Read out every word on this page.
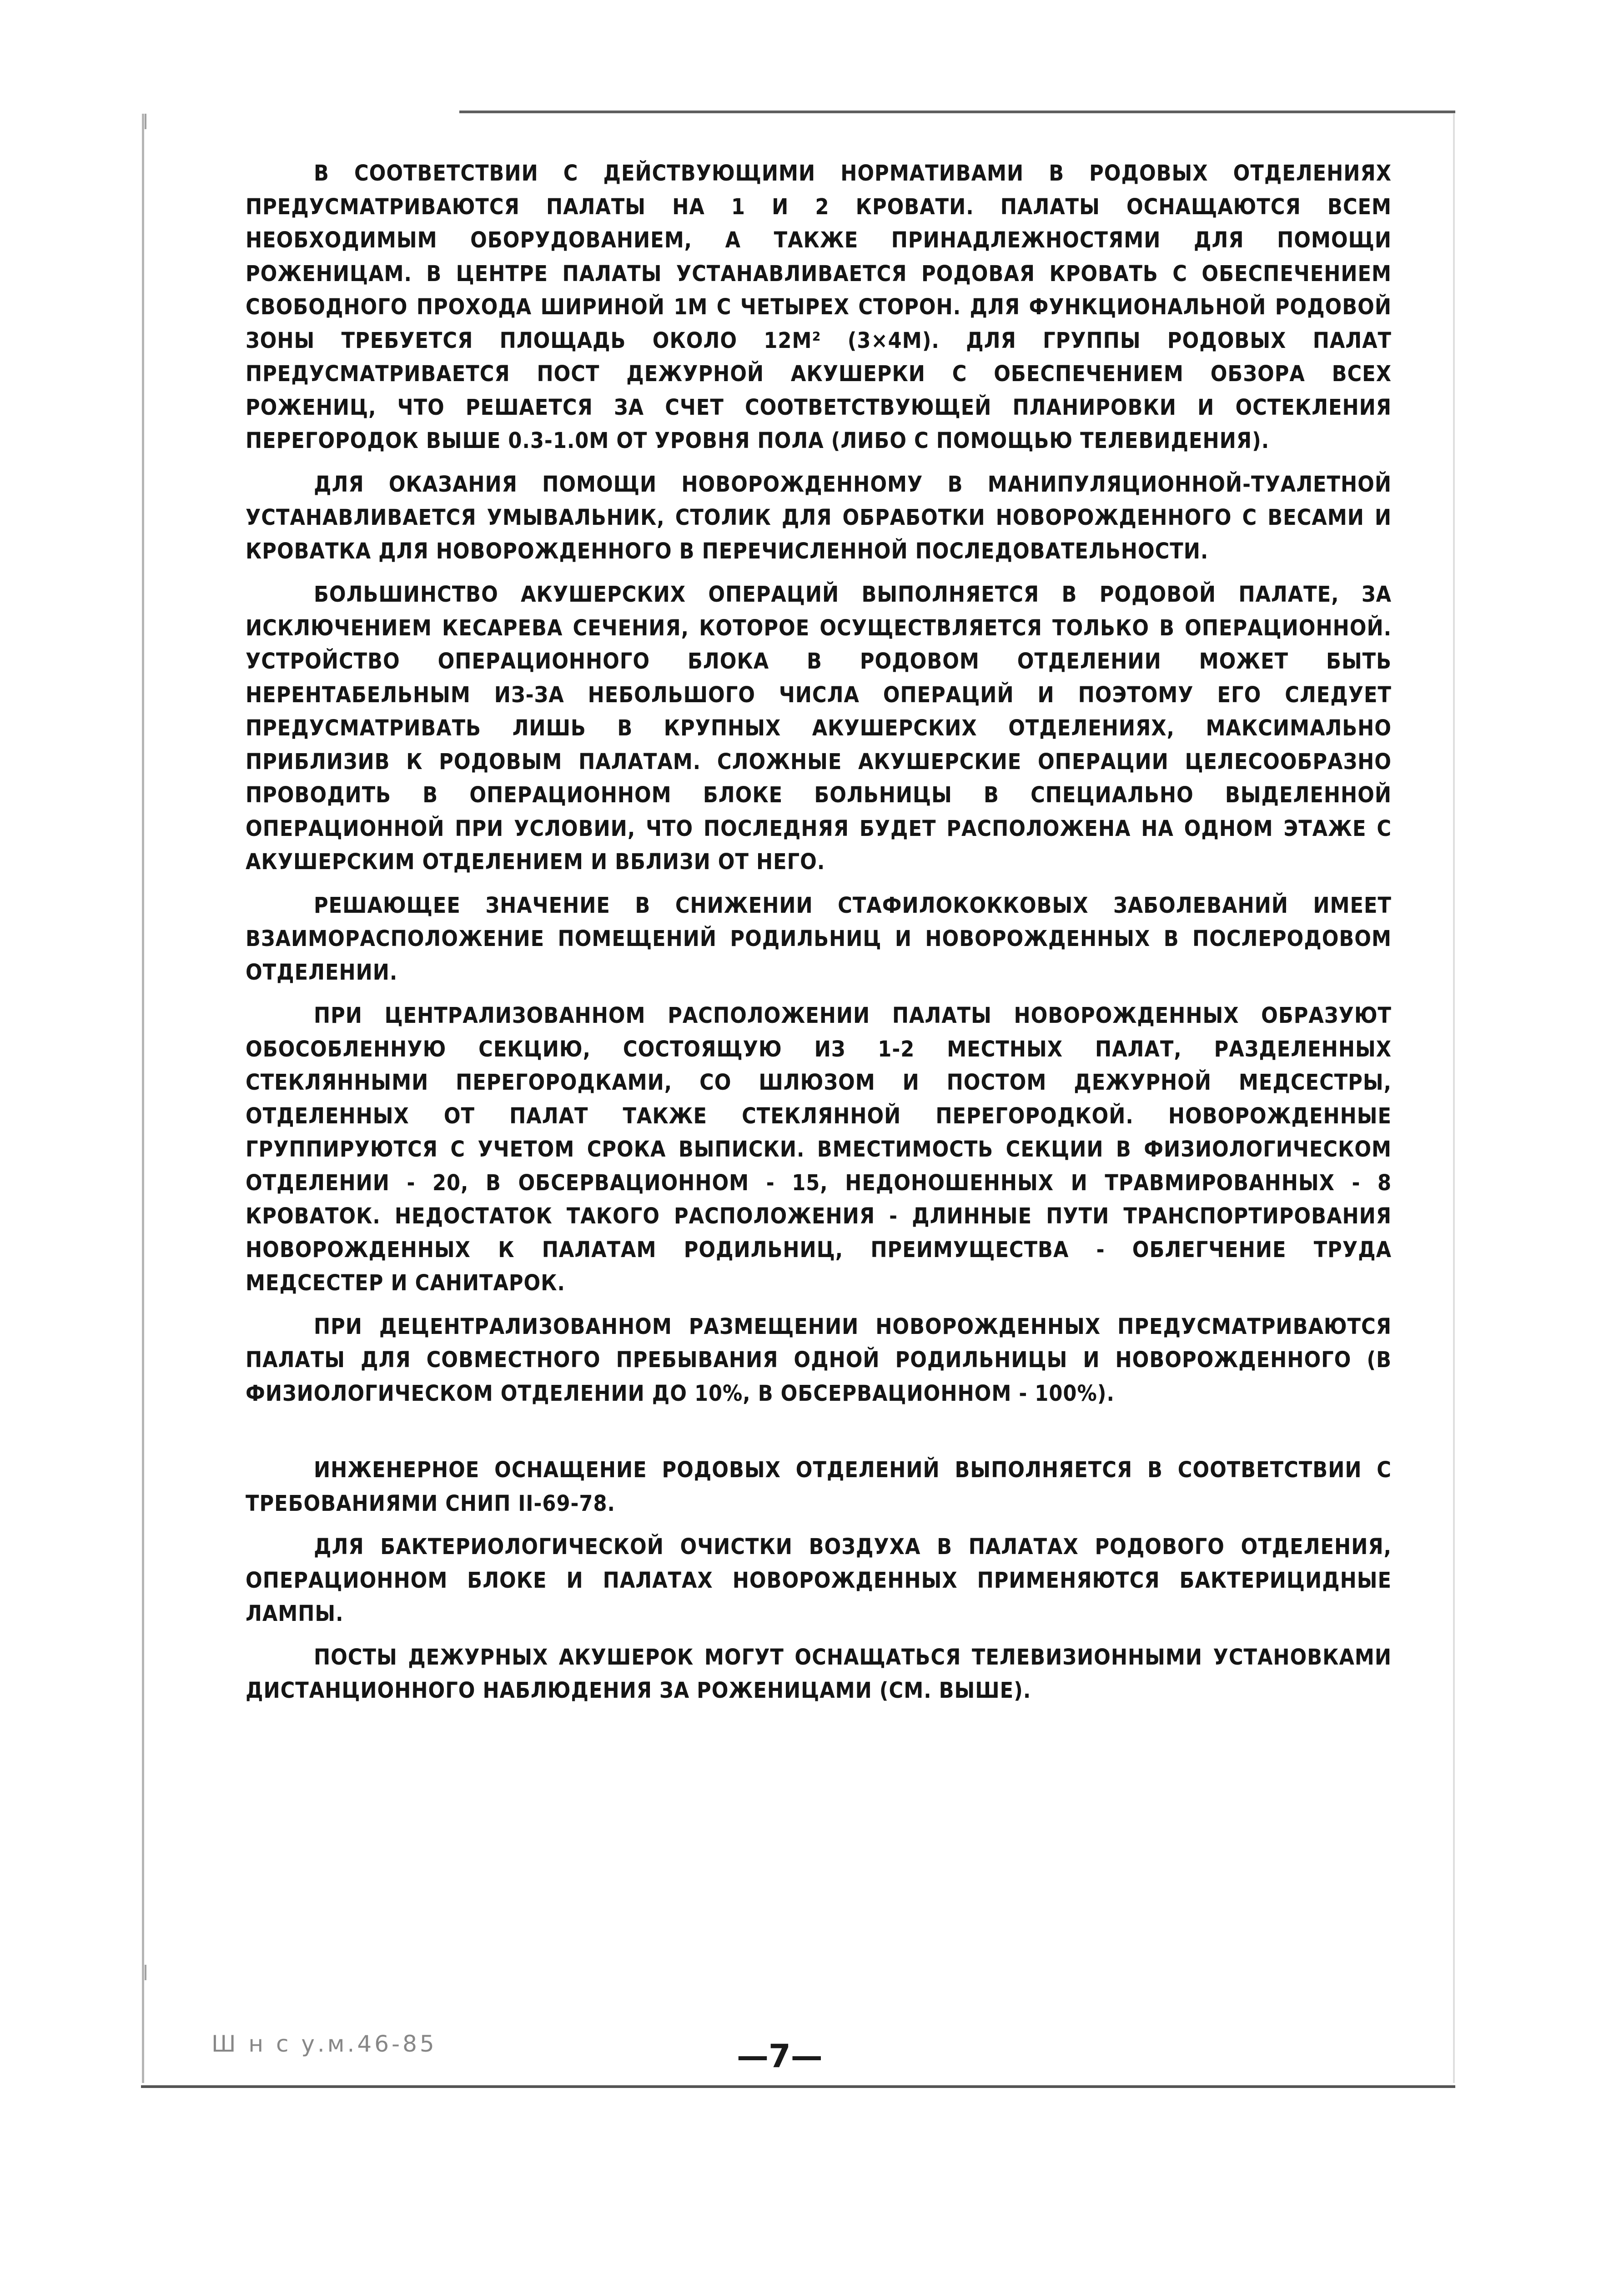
В СООТВЕТСТВИИ С ДЕЙСТВУЮЩИМИ НОРМАТИВАМИ В РОДОВЫХ ОТДЕЛЕНИЯХ ПРЕДУСМАТРИВАЮТСЯ ПАЛАТЫ НА 1 И 2 КРОВАТИ. ПАЛАТЫ ОСНАЩАЮТСЯ ВСЕМ НЕОБХОДИМЫМ ОБОРУДОВАНИЕМ, А ТАКЖЕ ПРИНАДЛЕЖНОСТЯМИ ДЛЯ ПОМОЩИ РОЖЕНИЦАМ. В ЦЕНТРЕ ПАЛАТЫ УСТАНАВЛИВАЕТСЯ РОДОВАЯ КРОВАТЬ С ОБЕСПЕЧЕНИЕМ СВОБОДНОГО ПРОХОДА ШИРИНОЙ 1М С ЧЕТЫРЕХ СТОРОН. ДЛЯ ФУНКЦИОНАЛЬНОЙ РОДОВОЙ ЗОНЫ ТРЕБУЕТСЯ ПЛОЩАДЬ ОКОЛО 12М² (3×4М). ДЛЯ ГРУППЫ РОДОВЫХ ПАЛАТ ПРЕДУСМАТРИВАЕТСЯ ПОСТ ДЕЖУРНОЙ АКУШЕРКИ С ОБЕСПЕЧЕНИЕМ ОБЗОРА ВСЕХ РОЖЕНИЦ, ЧТО РЕШАЕТСЯ ЗА СЧЕТ СООТВЕТСТВУЮЩЕЙ ПЛАНИРОВКИ И ОСТЕКЛЕНИЯ ПЕРЕГОРОДОК ВЫШЕ 0.3-1.0М ОТ УРОВНЯ ПОЛА (ЛИБО С ПОМОЩЬЮ ТЕЛЕВИДЕНИЯ).

ДЛЯ ОКАЗАНИЯ ПОМОЩИ НОВОРОЖДЕННОМУ В МАНИПУЛЯЦИОННОЙ-ТУАЛЕТНОЙ УСТАНАВЛИВАЕТСЯ УМЫВАЛЬНИК, СТОЛИК ДЛЯ ОБРАБОТКИ НОВОРОЖДЕННОГО С ВЕСАМИ И КРОВАТКА ДЛЯ НОВОРОЖДЕННОГО В ПЕРЕЧИСЛЕННОЙ ПОСЛЕДОВАТЕЛЬНОСТИ.

БОЛЬШИНСТВО АКУШЕРСКИХ ОПЕРАЦИЙ ВЫПОЛНЯЕТСЯ В РОДОВОЙ ПАЛАТЕ, ЗА ИСКЛЮЧЕНИЕМ КЕСАРЕВА СЕЧЕНИЯ, КОТОРОЕ ОСУЩЕСТВЛЯЕТСЯ ТОЛЬКО В ОПЕРАЦИОННОЙ. УСТРОЙСТВО ОПЕРАЦИОННОГО БЛОКА В РОДОВОМ ОТДЕЛЕНИИ МОЖЕТ БЫТЬ НЕРЕНТАБЕЛЬНЫМ ИЗ-ЗА НЕБОЛЬШОГО ЧИСЛА ОПЕРАЦИЙ И ПОЭТОМУ ЕГО СЛЕДУЕТ ПРЕДУСМАТРИВАТЬ ЛИШЬ В КРУПНЫХ АКУШЕРСКИХ ОТДЕЛЕНИЯХ, МАКСИМАЛЬНО ПРИБЛИЗИВ К РОДОВЫМ ПАЛАТАМ. СЛОЖНЫЕ АКУШЕРСКИЕ ОПЕРАЦИИ ЦЕЛЕСООБРАЗНО ПРОВОДИТЬ В ОПЕРАЦИОННОМ БЛОКЕ БОЛЬНИЦЫ В СПЕЦИАЛЬНО ВЫДЕЛЕННОЙ ОПЕРАЦИОННОЙ ПРИ УСЛОВИИ, ЧТО ПОСЛЕДНЯЯ БУДЕТ РАСПОЛОЖЕНА НА ОДНОМ ЭТАЖЕ С АКУШЕРСКИМ ОТДЕЛЕНИЕМ И ВБЛИЗИ ОТ НЕГО.

РЕШАЮЩЕЕ ЗНАЧЕНИЕ В СНИЖЕНИИ СТАФИЛОКОККОВЫХ ЗАБОЛЕВАНИЙ ИМЕЕТ ВЗАИМОРАСПОЛОЖЕНИЕ ПОМЕЩЕНИЙ РОДИЛЬНИЦ И НОВОРОЖДЕННЫХ В ПОСЛЕРОДОВОМ ОТДЕЛЕНИИ.

ПРИ ЦЕНТРАЛИЗОВАННОМ РАСПОЛОЖЕНИИ ПАЛАТЫ НОВОРОЖДЕННЫХ ОБРАЗУЮТ ОБОСОБЛЕННУЮ СЕКЦИЮ, СОСТОЯЩУЮ ИЗ 1-2 МЕСТНЫХ ПАЛАТ, РАЗДЕЛЕННЫХ СТЕКЛЯННЫМИ ПЕРЕГОРОДКАМИ, СО ШЛЮЗОМ И ПОСТОМ ДЕЖУРНОЙ МЕДСЕСТРЫ, ОТДЕЛЕННЫХ ОТ ПАЛАТ ТАКЖЕ СТЕКЛЯННОЙ ПЕРЕГОРОДКОЙ. НОВОРОЖДЕННЫЕ ГРУППИРУЮТСЯ С УЧЕТОМ СРОКА ВЫПИСКИ. ВМЕСТИМОСТЬ СЕКЦИИ В ФИЗИОЛОГИЧЕСКОМ ОТДЕЛЕНИИ - 20, В ОБСЕРВАЦИОННОМ - 15, НЕДОНОШЕННЫХ И ТРАВМИРОВАННЫХ - 8 КРОВАТОК. НЕДОСТАТОК ТАКОГО РАСПОЛОЖЕНИЯ - ДЛИННЫЕ ПУТИ ТРАНСПОРТИРОВАНИЯ НОВОРОЖДЕННЫХ К ПАЛАТАМ РОДИЛЬНИЦ, ПРЕИМУЩЕСТВА - ОБЛЕГЧЕНИЕ ТРУДА МЕДСЕСТЕР И САНИТАРОК.

ПРИ ДЕЦЕНТРАЛИЗОВАННОМ РАЗМЕЩЕНИИ НОВОРОЖДЕННЫХ ПРЕДУСМАТРИВАЮТСЯ ПАЛАТЫ ДЛЯ СОВМЕСТНОГО ПРЕБЫВАНИЯ ОДНОЙ РОДИЛЬНИЦЫ И НОВОРОЖДЕННОГО (В ФИЗИОЛОГИЧЕСКОМ ОТДЕЛЕНИИ ДО 10%, В ОБСЕРВАЦИОННОМ - 100%).

ИНЖЕНЕРНОЕ ОСНАЩЕНИЕ РОДОВЫХ ОТДЕЛЕНИЙ ВЫПОЛНЯЕТСЯ В СООТВЕТСТВИИ С ТРЕБОВАНИЯМИ СНИП II-69-78.

ДЛЯ БАКТЕРИОЛОГИЧЕСКОЙ ОЧИСТКИ ВОЗДУХА В ПАЛАТАХ РОДОВОГО ОТДЕЛЕНИЯ, ОПЕРАЦИОННОМ БЛОКЕ И ПАЛАТАХ НОВОРОЖДЕННЫХ ПРИМЕНЯЮТСЯ БАКТЕРИЦИДНЫЕ ЛАМПЫ.

ПОСТЫ ДЕЖУРНЫХ АКУШЕРОК МОГУТ ОСНАЩАТЬСЯ ТЕЛЕВИЗИОННЫМИ УСТАНОВКАМИ ДИСТАНЦИОННОГО НАБЛЮДЕНИЯ ЗА РОЖЕНИЦАМИ (СМ. ВЫШЕ).

Ш н с у.м.46-85	—7—
